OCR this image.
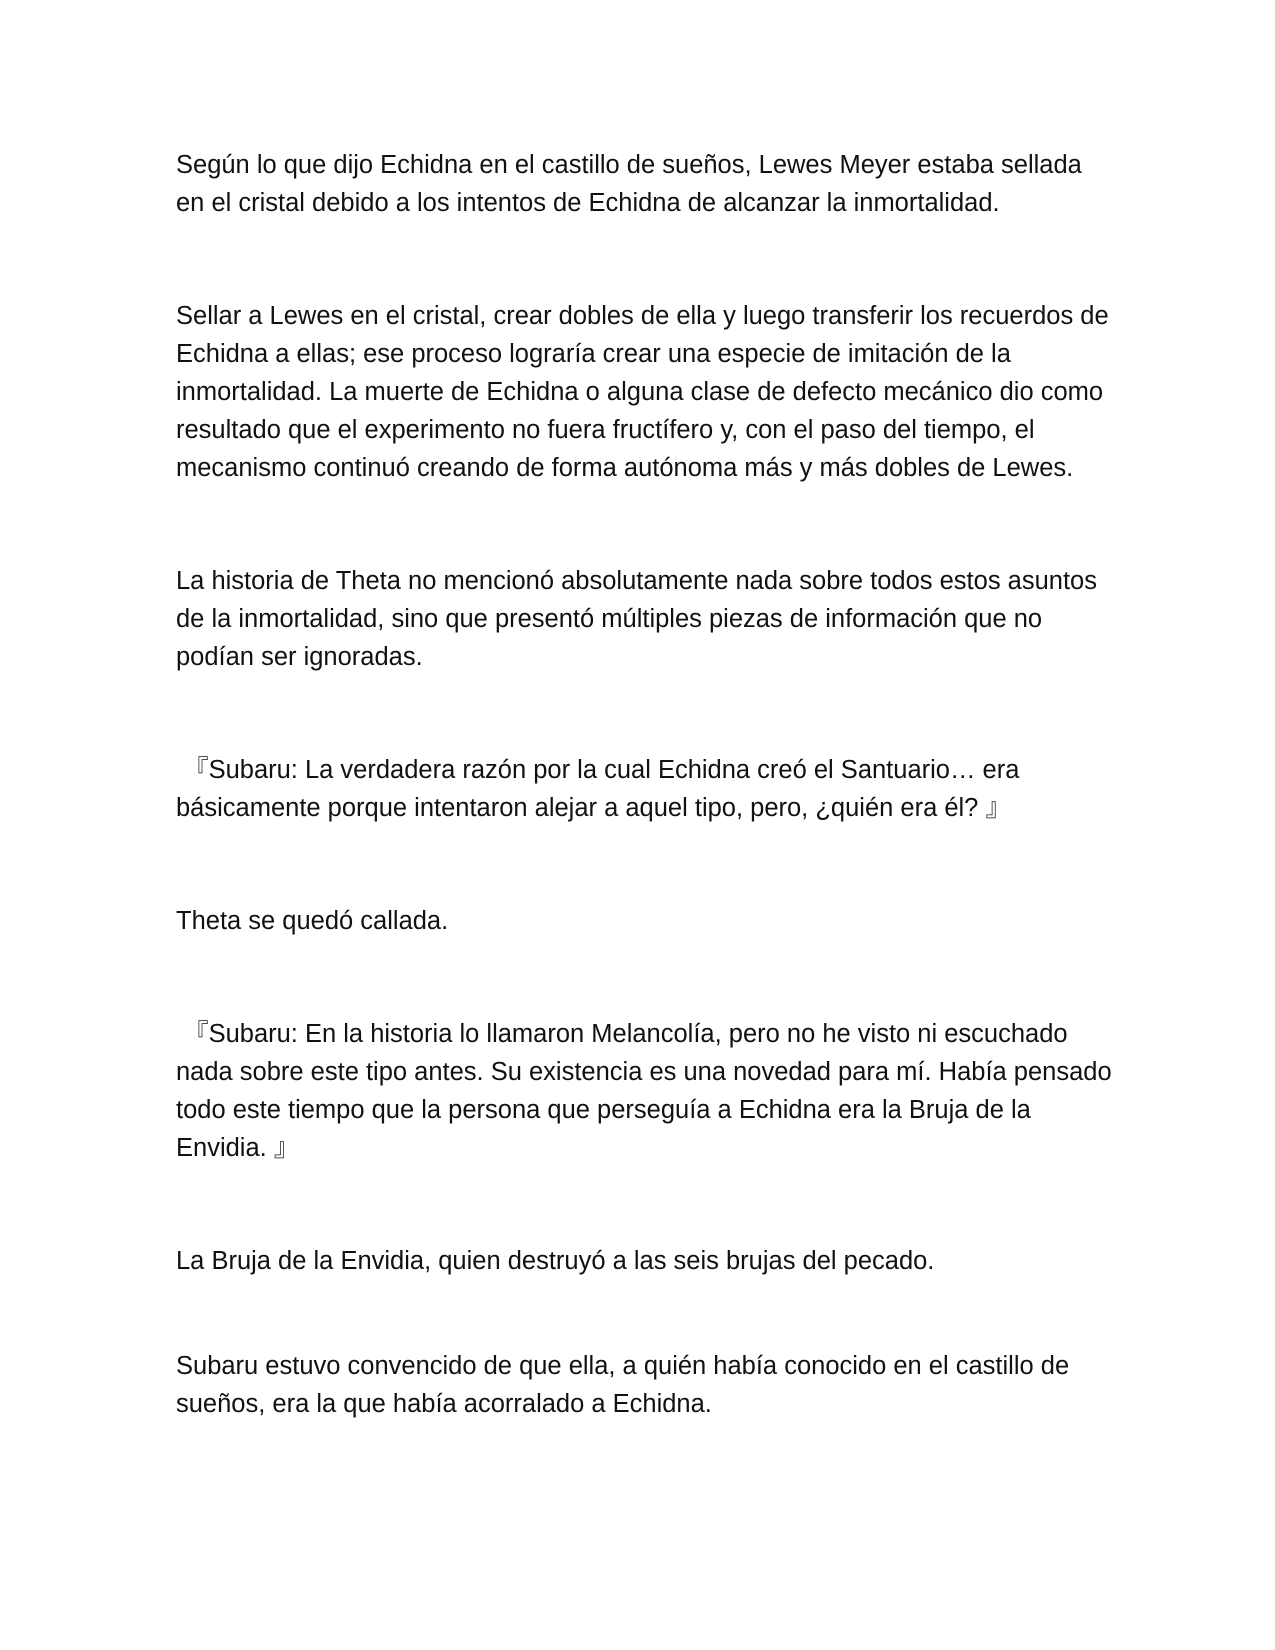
Según lo que dijo Echidna en el castillo de sueños, Lewes Meyer estaba sellada en el cristal debido a los intentos de Echidna de alcanzar la inmortalidad.

Sellar a Lewes en el cristal, crear dobles de ella y luego transferir los recuerdos de Echidna a ellas; ese proceso lograría crear una especie de imitación de la inmortalidad. La muerte de Echidna o alguna clase de defecto mecánico dio como resultado que el experimento no fuera fructífero y, con el paso del tiempo, el mecanismo continuó creando de forma autónoma más y más dobles de Lewes.

La historia de Theta no mencionó absolutamente nada sobre todos estos asuntos de la inmortalidad, sino que presentó múltiples piezas de información que no podían ser ignoradas.

『Subaru: La verdadera razón por la cual Echidna creó el Santuario… era básicamente porque intentaron alejar a aquel tipo, pero, ¿quién era él? 』

Theta se quedó callada.

『Subaru: En la historia lo llamaron Melancolía, pero no he visto ni escuchado nada sobre este tipo antes. Su existencia es una novedad para mí. Había pensado todo este tiempo que la persona que perseguía a Echidna era la Bruja de la Envidia. 』

La Bruja de la Envidia, quien destruyó a las seis brujas del pecado.

Subaru estuvo convencido de que ella, a quién había conocido en el castillo de sueños, era la que había acorralado a Echidna.
